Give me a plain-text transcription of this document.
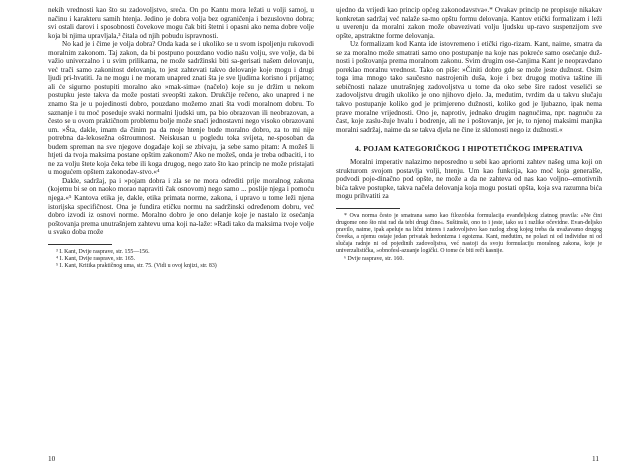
nekih vrednosti kao što su zadovoljstvo, sreća. On po Kantu mora ležati u volji samoj, u načinu i karakteru samih htenja. Jedino je dobra volja bez ograničenja i bezuslovno dobra; svi ostali darovi i sposobnosti čovekove mogu čak biti štetni i opasni ako nema dobre volje koja bi njima upravljala,³ čitala od njih pobudu ispravnosti.

No kad je i čime je volja dobra? Onda kada se i ukoliko se u svom ispoljenju rukovodi moralnim zakonom. Taj zakon, da bi postpuno pouzdano vodio našu volju, sve volje, da bi važio univerzalno i u svim prilikama, ne može sadržinski biti sa-gerisati našem delovanju, već trači samo zakonitost delovanja, to jest zahtevati takvo delovanje koje mogu i drugi ljudi pri-hvatiti. Ja ne mogu i ne moram unapred znati šta je sve ljudima korisno i prijatno; ali će sigurno postupiti moralno ako »mak-sima« (načelo) koje su je držim u nekom postupku jeste takva da može postati sveopšti zakon. Drukčije rečeno, ako unapred i ne znamo šta je u pojedinosti dobro, pouzdano možemo znati šta vodi moralnom dobru. To saznanje i tu moć poseduje svaki normalni ljudski um, pa bio obrazovan ili neobrazovan, a često se u ovom praktičnom problemu bolje može snaći jednostavni nego visoko obrazovani um. »Šta, dakle, imam da činim pa da moje htenje bude moralno dobro, za to mi nije potrebna da-lekosežna oštroumnost. Neiskusan u pogledu toka svijeta, ne-sposoban da budem spreman na sve njegove događaje koji se zbivaju, ja sebe samo pitam: A možeš li htjeti da tvoja maksima postane opštim zakonom? Ako ne možeš, onda je treba odbaciti, i to ne za volju štete koja čeka tebe ili koga drugog, nego zato što kao princip ne može pristajati u mogućem opštem zakonodav-stvo.«⁴

Dakle, sadržaj, pa i »pojam dobra i zla se ne mora odrediti prije moralnog zakona (kojemu bi se on naoko morao napraviti čak osnovom) nego samo ... poslije njega i pomoću njega.«⁵ Kantova etika je, dakle, etika primata norme, zakona, i upravo u tome leži njena istorijska specifičnost. Ona je fundira etičku normu na sadržinski određenom dobru, već dobro izvodi iz osnovi norme. Moralno dobro je ono delanje koje je nastalo iz osećanja poštovanja prema unutrašnjem zahtevu uma koji na-laže: »Radi tako da maksima tvoje volje u svako doba može

³ I. Kant, Dvije rasprave, str. 155—156.

⁴ I. Kant, Dvije rasprave, str. 165.

⁵ I. Kant, Kritika praktičnog uma, str. 75. (Vidi u ovoj knjizi, str. 83)

ujedno da vrijedi kao princip općeg zakonodavstva«.* Ovakav princip ne propisuje nikakav konkretan sadržaj već nalaže sa-mo opštu formu delovanja. Kantov etički formalizam i leži u uverenju da moralni zakon može obavezivati volju ljudsku up-ravo suspenzijom sve opšte, apstraktne forme delovanja.

Uz formalizam kod Kanta ide istovremeno i etički rigo-rizam. Kant, naime, smatra da se za moralno može smatrati samo ono postupanje na koje nas pokreće samo osećanje duž-nosti i poštovanja prema moralnom zakonu. Svim drugim ose-ćanjima Kant je neopravdano poreklao moralnu vrednost. Tako on piše: »Činiti dobro gde se može jeste dužnost. Osim toga ima mnogo tako saučesno nastrojenih duša, koje i bez drugog motiva taštine ili sebičnosti nalaze unutrašnjeg zadovoljstva u tome da oko sebe šire radost veselići se zadovoljstvu drugih ukoliko je ono njihovo djelo. Ja, međutim, tvrdim da u takvu slučaju takvo postupanje koliko god je primjereno dužnosti, koliko god je ljubazno, ipak nema prave moralne vrijednosti. Ono je, naprotiv, jednako drugim nagnućima, npr. nagnuću za čast, koje zaslu-žuje hvalu i bodrenje, ali ne i poštovanje, jer je, to njenoj maksimi manjka moralni sadržaj, naime da se takva djela ne čine iz sklonosti nego iz dužnosti.«

4. POJAM KATEGORIČKOG I HIPOTETIČKOG IMPERATIVA

Moralni imperativ nalazimo neposredno u sebi kao apriorni zahtev našeg uma koji on strukturom svojom postavlja volji, htenju. Um kao funkcija, kao moć koja generalše, podvodi poje-dinačno pod opšte, ne može a da ne zahteva od nas kao volјno--emotivnih bića takve postupke, takva načela delovanja koja mogu postati opšta, koja sva razumna bića mogu prihvatiti za

* Ova norma čestо je smatrana samo kao filozofska formulacija evanđeljskog zlatnog pravila: »Ne čini drugome ono što nisi rad da tebi drugi čine«. Suštinski, ono to i jeste, iako su i razlike očevidne. Evan-đeljsko pravilo, naime, ipak apeluje na lični interes i zadovoljstvo kao razlog zbog kojeg treba da uvažavamo drugog čoveka, a njemu ostaje jedan privatak hedonizma i egoizma. Kant, međutim, ne polazi ni od individue ni od slučaja radnje ni od pojedinih zadovoljstva, već nastoji da svoju formulaciju moralnog zakona, koje je univerzalistička, »obnofesl-azuanje logički. O tome će biti reči kasnije.

⁶ Dvije rasprave, str. 160.

10	11
